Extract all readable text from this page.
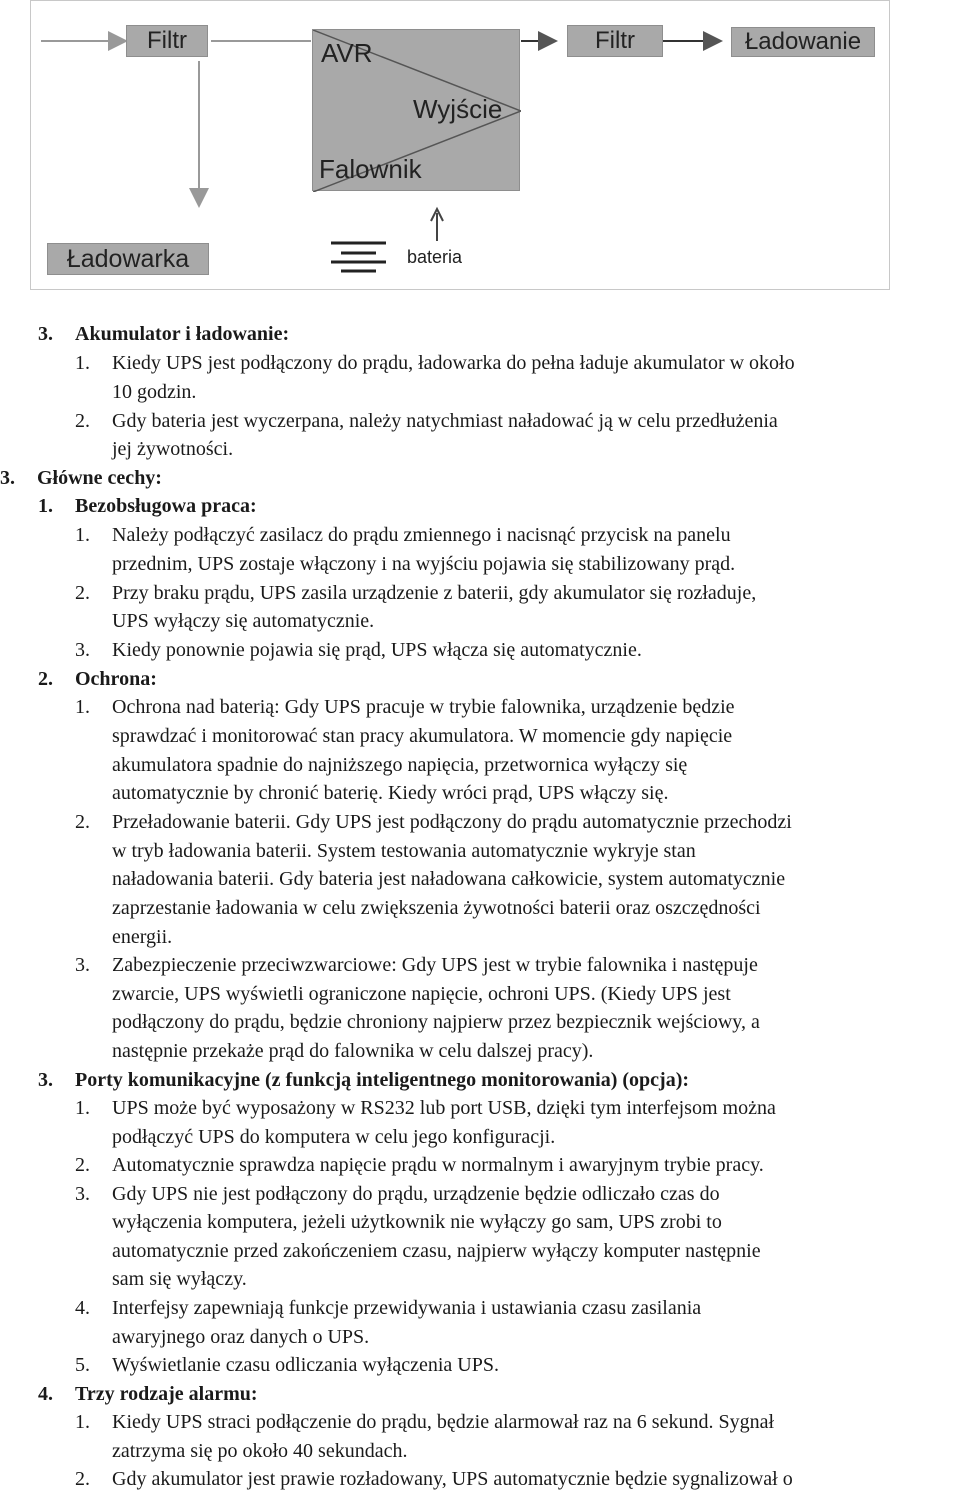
Filtr	AVR
Wyjście
Falownik
Filtr	Ładowanie
Ładowarka	bateria
3. Akumulator i ładowanie:
1. Kiedy UPS jest podłączony do prądu, ładowarka do pełna ładuje akumulator w około
10 godzin.
2. Gdy bateria jest wyczerpana, należy natychmiast naładować ją w celu przedłużenia
jej żywotności.
3. Główne cechy:
1. Bezobsługowa praca:
1. Należy podłączyć zasilacz do prądu zmiennego i nacisnąć przycisk na panelu
przednim, UPS zostaje włączony i na wyjściu pojawia się stabilizowany prąd.
2. Przy braku prądu, UPS zasila urządzenie z baterii, gdy akumulator się rozładuje,
UPS wyłączy się automatycznie.
3. Kiedy ponownie pojawia się prąd, UPS włącza się automatycznie.
2. Ochrona:
1. Ochrona nad baterią: Gdy UPS pracuje w trybie falownika, urządzenie będzie
sprawdzać i monitorować stan pracy akumulatora. W momencie gdy napięcie
akumulatora spadnie do najniższego napięcia, przetwornica wyłączy się
automatycznie by chronić baterię. Kiedy wróci prąd, UPS włączy się.
2. Przeładowanie baterii. Gdy UPS jest podłączony do prądu automatycznie przechodzi
w tryb ładowania baterii. System testowania automatycznie wykryje stan
naładowania baterii. Gdy bateria jest naładowana całkowicie, system automatycznie
zaprzestanie ładowania w celu zwiększenia żywotności baterii oraz oszczędności
energii.
3. Zabezpieczenie przeciwzwarciowe: Gdy UPS jest w trybie falownika i następuje
zwarcie, UPS wyświetli ograniczone napięcie, ochroni UPS. (Kiedy UPS jest
podłączony do prądu, będzie chroniony najpierw przez bezpiecznik wejściowy, a
następnie przekaże prąd do falownika w celu dalszej pracy).
3. Porty komunikacyjne (z funkcją inteligentnego monitorowania) (opcja):
1. UPS może być wyposażony w RS232 lub port USB, dzięki tym interfejsom można
podłączyć UPS do komputera w celu jego konfiguracji.
2. Automatycznie sprawdza napięcie prądu w normalnym i awaryjnym trybie pracy.
3. Gdy UPS nie jest podłączony do prądu, urządzenie będzie odliczało czas do
wyłączenia komputera, jeżeli użytkownik nie wyłączy go sam, UPS zrobi to
automatycznie przed zakończeniem czasu, najpierw wyłączy komputer następnie
sam się wyłączy.
4. Interfejsy zapewniają funkcje przewidywania i ustawiania czasu zasilania
awaryjnego oraz danych o UPS.
5. Wyświetlanie czasu odliczania wyłączenia UPS.
4. Trzy rodzaje alarmu:
1. Kiedy UPS straci podłączenie do prądu, będzie alarmował raz na 6 sekund. Sygnał
zatrzyma się po około 40 sekundach.
2. Gdy akumulator jest prawie rozładowany, UPS automatycznie będzie sygnalizował o
